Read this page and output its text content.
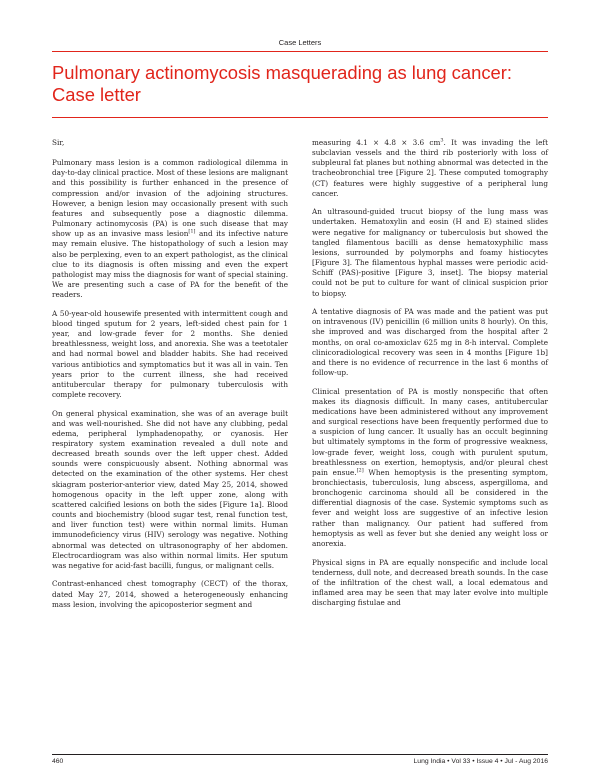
Case Letters
Pulmonary actinomycosis masquerading as lung cancer: Case letter

Sir,

Pulmonary mass lesion is a common radiological dilemma in day-to-day clinical practice. Most of these lesions are malignant and this possibility is further enhanced in the presence of compression and/or invasion of the adjoining structures. However, a benign lesion may occasionally present with such features and subsequently pose a diagnostic dilemma. Pulmonary actinomycosis (PA) is one such disease that may show up as an invasive mass lesion[1] and its infective nature may remain elusive. The histopathology of such a lesion may also be perplexing, even to an expert pathologist, as the clinical clue to its diagnosis is often missing and even the expert pathologist may miss the diagnosis for want of special staining. We are presenting such a case of PA for the benefit of the readers.

A 50-year-old housewife presented with intermittent cough and blood tinged sputum for 2 years, left-sided chest pain for 1 year, and low-grade fever for 2 months. She denied breathlessness, weight loss, and anorexia. She was a teetotaler and had normal bowel and bladder habits. She had received various antibiotics and symptomatics but it was all in vain. Ten years prior to the current illness, she had received antitubercular therapy for pulmonary tuberculosis with complete recovery.

On general physical examination, she was of an average built and was well-nourished. She did not have any clubbing, pedal edema, peripheral lymphadenopathy, or cyanosis. Her respiratory system examination revealed a dull note and decreased breath sounds over the left upper chest. Added sounds were conspicuously absent. Nothing abnormal was detected on the examination of the other systems. Her chest skiagram posterior-anterior view, dated May 25, 2014, showed homogenous opacity in the left upper zone, along with scattered calcified lesions on both the sides [Figure 1a]. Blood counts and biochemistry (blood sugar test, renal function test, and liver function test) were within normal limits. Human immunodeficiency virus (HIV) serology was negative. Nothing abnormal was detected on ultrasonography of her abdomen. Electrocardiogram was also within normal limits. Her sputum was negative for acid-fast bacilli, fungus, or malignant cells.

Contrast-enhanced chest tomography (CECT) of the thorax, dated May 27, 2014, showed a heterogeneously enhancing mass lesion, involving the apicoposterior segment and

measuring 4.1 × 4.8 × 3.6 $cm^3$. It was invading the left subclavian vessels and the third rib posteriorly with loss of subpleural fat planes but nothing abnormal was detected in the tracheobronchial tree [Figure 2]. These computed tomography (CT) features were highly suggestive of a peripheral lung cancer.

An ultrasound-guided trucut biopsy of the lung mass was undertaken. Hematoxylin and eosin (H and E) stained slides were negative for malignancy or tuberculosis but showed the tangled filamentous bacilli as dense hematoxyphilic mass lesions, surrounded by polymorphs and foamy histiocytes [Figure 3]. The filamentous hyphal masses were periodic acid-Schiff (PAS)-positive [Figure 3, inset]. The biopsy material could not be put to culture for want of clinical suspicion prior to biopsy.

A tentative diagnosis of PA was made and the patient was put on intravenous (IV) penicillin (6 million units 8 hourly). On this, she improved and was discharged from the hospital after 2 months, on oral co-amoxiclav 625 mg in 8-h interval. Complete clinicoradiological recovery was seen in 4 months [Figure 1b] and there is no evidence of recurrence in the last 6 months of follow-up.

Clinical presentation of PA is mostly nonspecific that often makes its diagnosis difficult. In many cases, antitubercular medications have been administered without any improvement and surgical resections have been frequently performed due to a suspicion of lung cancer. It usually has an occult beginning but ultimately symptoms in the form of progressive weakness, low-grade fever, weight loss, cough with purulent sputum, breathlessness on exertion, hemoptysis, and/or pleural chest pain ensue.[2] When hemoptysis is the presenting symptom, bronchiectasis, tuberculosis, lung abscess, aspergilloma, and bronchogenic carcinoma should all be considered in the differential diagnosis of the case. Systemic symptoms such as fever and weight loss are suggestive of an infective lesion rather than malignancy. Our patient had suffered from hemoptysis as well as fever but she denied any weight loss or anorexia.

Physical signs in PA are equally nonspecific and include local tenderness, dull note, and decreased breath sounds. In the case of the infiltration of the chest wall, a local edematous and inflamed area may be seen that may later evolve into multiple discharging fistulae and

460	Lung India • Vol 33 • Issue 4 • Jul - Aug 2016
